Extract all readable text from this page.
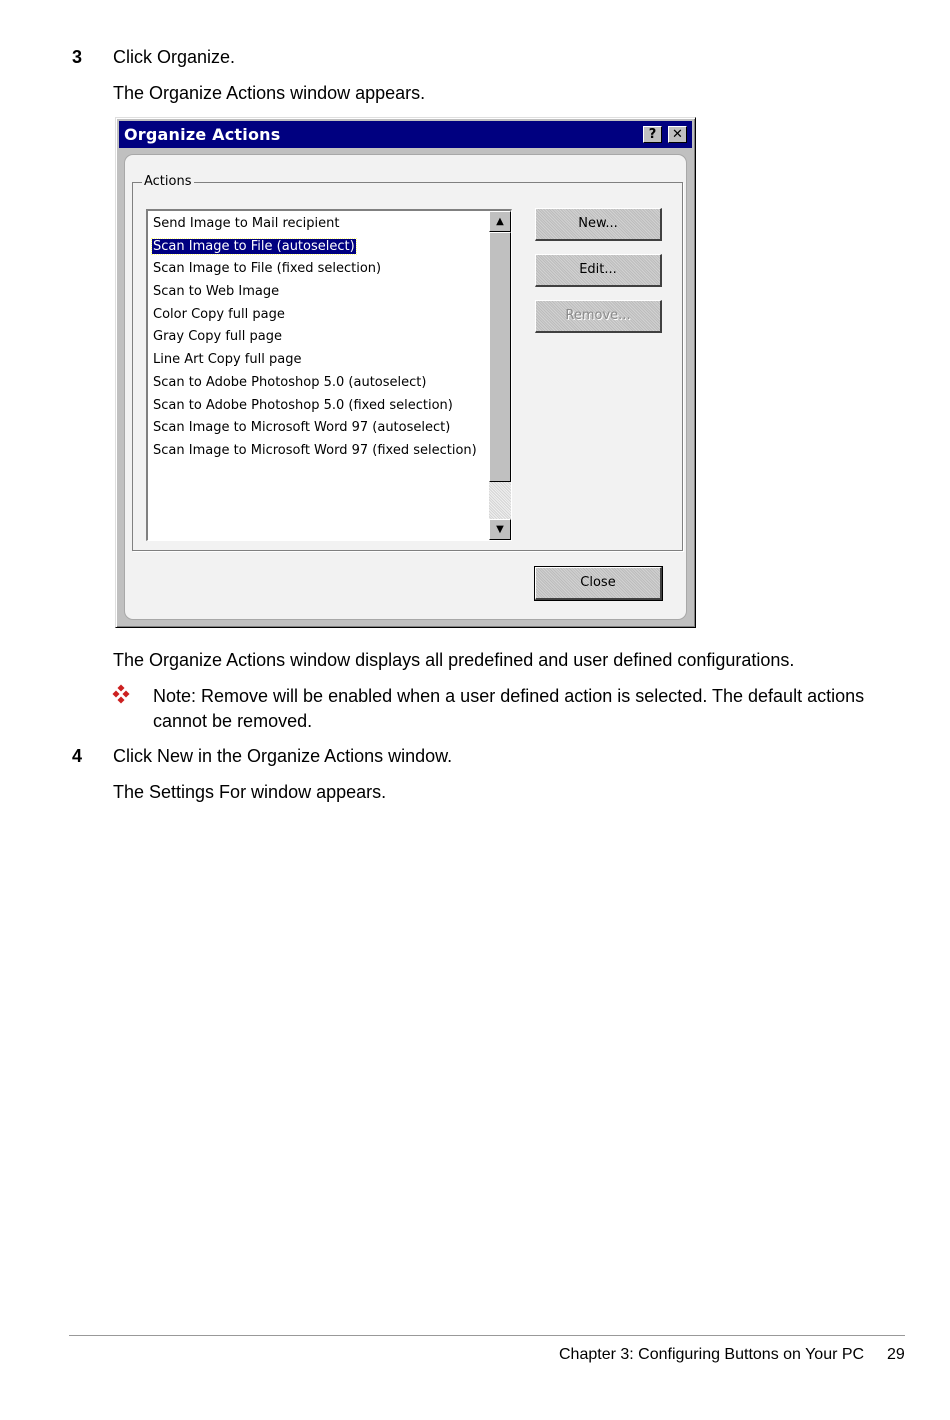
3 Click Organize.
The Organize Actions window appears.
Organize Actions	?	✕
Actions
Send Image to Mail recipient
Scan Image to File (autoselect)
Scan Image to File (fixed selection)
Scan to Web Image
Color Copy full page
Gray Copy full page
Line Art Copy full page
Scan to Adobe Photoshop 5.0 (autoselect)
Scan to Adobe Photoshop 5.0 (fixed selection)
Scan Image to Microsoft Word 97 (autoselect)
Scan Image to Microsoft Word 97 (fixed selection)
▲
▼
New...
Edit...
Remove...
Close
The Organize Actions window displays all predefined and user defined configurations.
Note: Remove will be enabled when a user defined action is selected. The default actions
cannot be removed.
4 Click New in the Organize Actions window.
The Settings For window appears.
Chapter 3: Configuring Buttons on Your PC 29
